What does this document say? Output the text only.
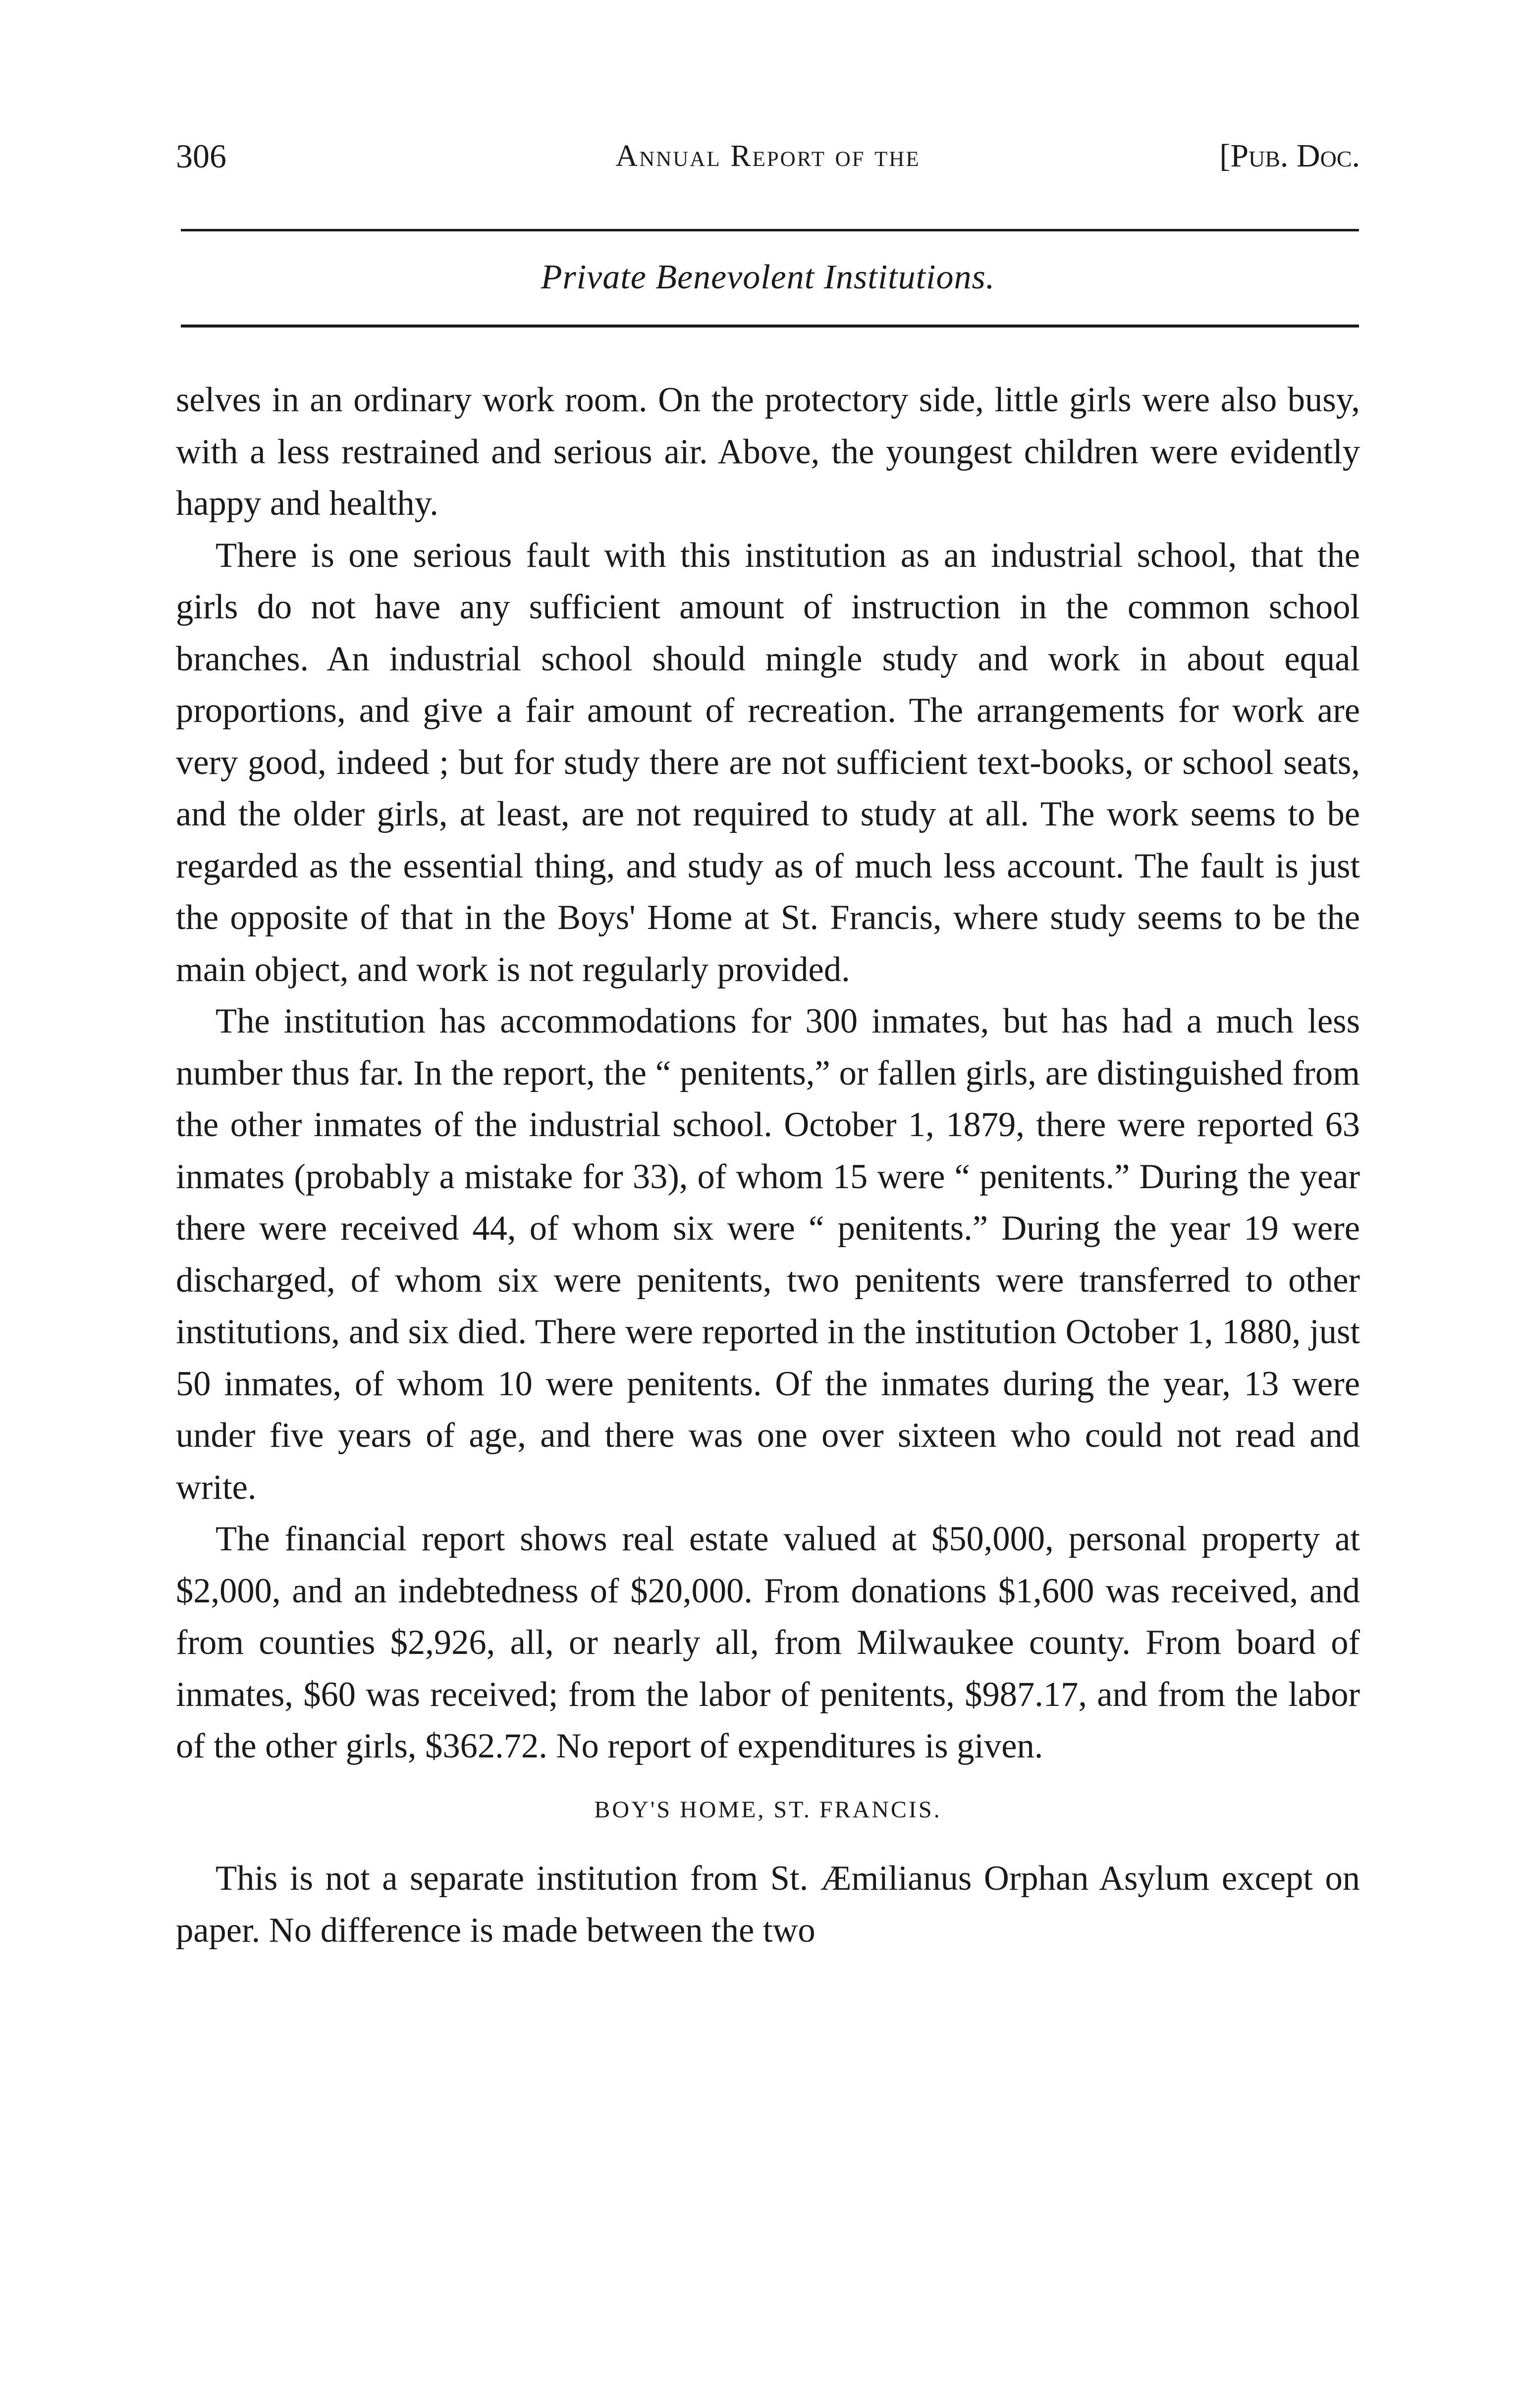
306	Annual Report of the	[Pub. Doc.
Private Benevolent Institutions.

selves in an ordinary work room. On the protectory side, little girls were also busy, with a less restrained and serious air. Above, the youngest children were evidently happy and healthy.

There is one serious fault with this institution as an industrial school, that the girls do not have any sufficient amount of instruction in the common school branches. An industrial school should mingle study and work in about equal proportions, and give a fair amount of recreation. The arrangements for work are very good, indeed ; but for study there are not sufficient text-books, or school seats, and the older girls, at least, are not required to study at all. The work seems to be regarded as the essential thing, and study as of much less account. The fault is just the opposite of that in the Boys' Home at St. Francis, where study seems to be the main object, and work is not regularly provided.

The institution has accommodations for 300 inmates, but has had a much less number thus far. In the report, the “ penitents,” or fallen girls, are distinguished from the other inmates of the industrial school. October 1, 1879, there were reported 63 inmates (probably a mistake for 33), of whom 15 were “ penitents.” During the year there were received 44, of whom six were “ penitents.” During the year 19 were discharged, of whom six were penitents, two penitents were transferred to other institutions, and six died. There were reported in the institution October 1, 1880, just 50 inmates, of whom 10 were penitents. Of the inmates during the year, 13 were under five years of age, and there was one over sixteen who could not read and write.

The financial report shows real estate valued at $50,000, personal property at $2,000, and an indebtedness of $20,000. From donations $1,600 was received, and from counties $2,926, all, or nearly all, from Milwaukee county. From board of inmates, $60 was received; from the labor of penitents, $987.17, and from the labor of the other girls, $362.72. No report of expenditures is given.

BOY'S HOME, ST. FRANCIS.

This is not a separate institution from St. Æmilianus Orphan Asylum except on paper. No difference is made between the two
